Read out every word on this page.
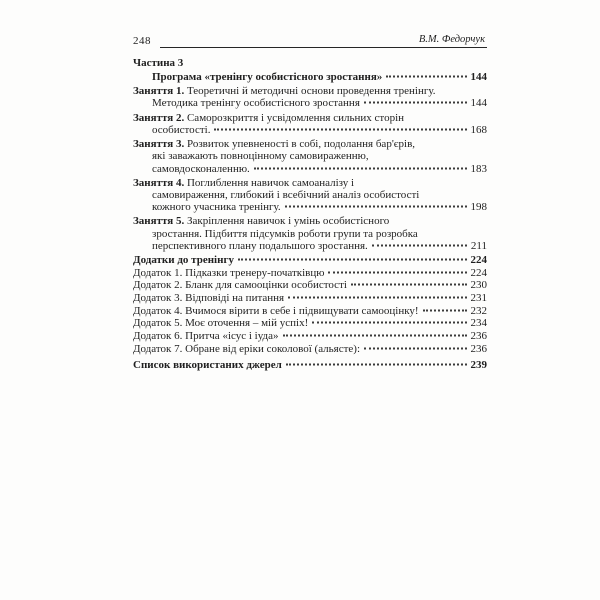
248	В.М. Федорчук
Частина 3
Програма «тренінгу особистісного зростання»	144
Заняття 1. Теоретичні й методичні основи проведення тренінгу.
Методика тренінгу особистісного зростання	144
Заняття 2. Саморозкриття і усвідомлення сильних сторін
особистості.	168
Заняття 3. Розвиток упевненості в собі, подолання бар'єрів,
які заважають повноцінному самовираженню,
самовдосконаленню.	183
Заняття 4. Поглиблення навичок самоаналізу і
самовираження, глибокий і всебічний аналіз особистості
кожного учасника тренінгу.	198
Заняття 5. Закріплення навичок і умінь особистісного
зростання. Підбиття підсумків роботи групи та розробка
перспективного плану подальшого зростання.	211
Додатки до тренінгу	224
Додаток 1. Підказки тренеру-початківцю	224
Додаток 2. Бланк для самооцінки особистості	230
Додаток 3. Відповіді на питання	231
Додаток 4. Вчимося вірити в себе і підвищувати самооцінку!	232
Додаток 5. Моє оточення – мій успіх!	234
Додаток 6. Притча «ісус і іуда»	236
Додаток 7. Обране від еріки соколової (альясте):	236
Список використаних джерел	239
